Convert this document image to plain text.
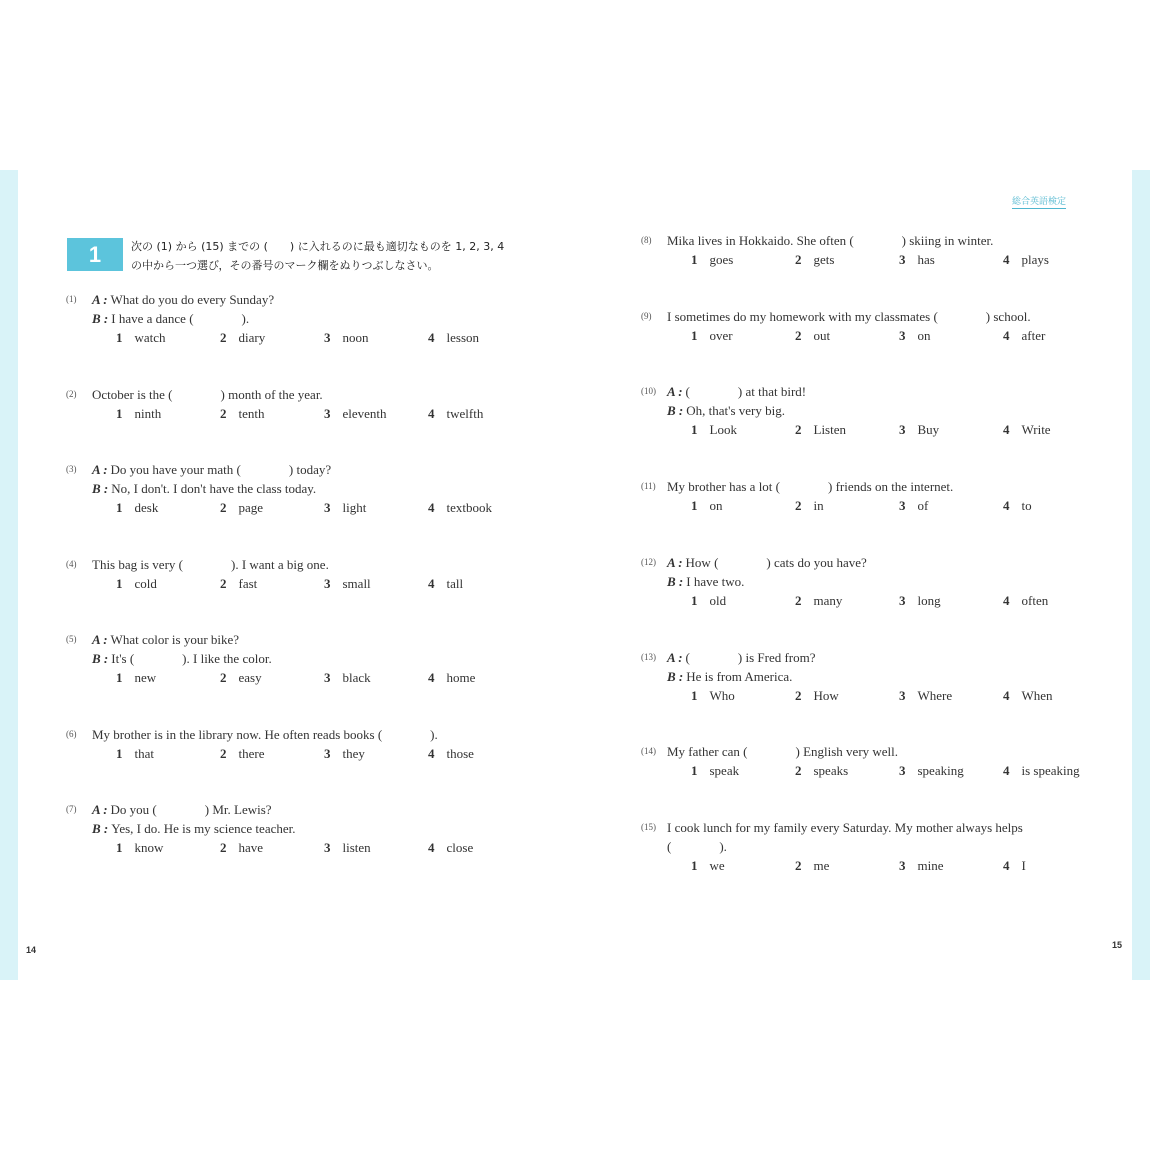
総合英語検定
1	次の (1) から (15) までの (　　) に入れるのに最も適切なものを 1, 2, 3, 4
の中から一つ選び，その番号のマーク欄をぬりつぶしなさい。
(1) A : What do you do every Sunday?
B : I have a dance (	).
1 watch	2 diary	3 noon	4 lesson
(2) October is the (	) month of the year.
1 ninth	2 tenth	3 eleventh	4 twelfth
(3) A : Do you have your math (	) today?
B : No, I don't. I don't have the class today.
1 desk	2 page	3 light	4 textbook
(4) This bag is very (	). I want a big one.
1 cold	2 fast	3 small	4 tall
(5) A : What color is your bike?
B : It's (	). I like the color.
1 new	2 easy	3 black	4 home
(6) My brother is in the library now. He often reads books (	).
1 that	2 there	3 they	4 those
(7) A : Do you (	) Mr. Lewis?
B : Yes, I do. He is my science teacher.
1 know	2 have	3 listen	4 close
(8) Mika lives in Hokkaido. She often (	) skiing in winter.
1 goes	2 gets	3 has	4 plays
(9) I sometimes do my homework with my classmates (	) school.
1 over	2 out	3 on	4 after
(10) A : (	) at that bird!
B : Oh, that's very big.
1 Look	2 Listen	3 Buy	4 Write
(11) My brother has a lot (	) friends on the internet.
1 on	2 in	3 of	4 to
(12) A : How (	) cats do you have?
B : I have two.
1 old	2 many	3 long	4 often
(13) A : (	) is Fred from?
B : He is from America.
1 Who	2 How	3 Where	4 When
(14) My father can (	) English very well.
1 speak	2 speaks	3 speaking	4 is speaking
(15) I cook lunch for my family every Saturday. My mother always helps
(	).
1 we	2 me	3 mine	4 I
14	15
